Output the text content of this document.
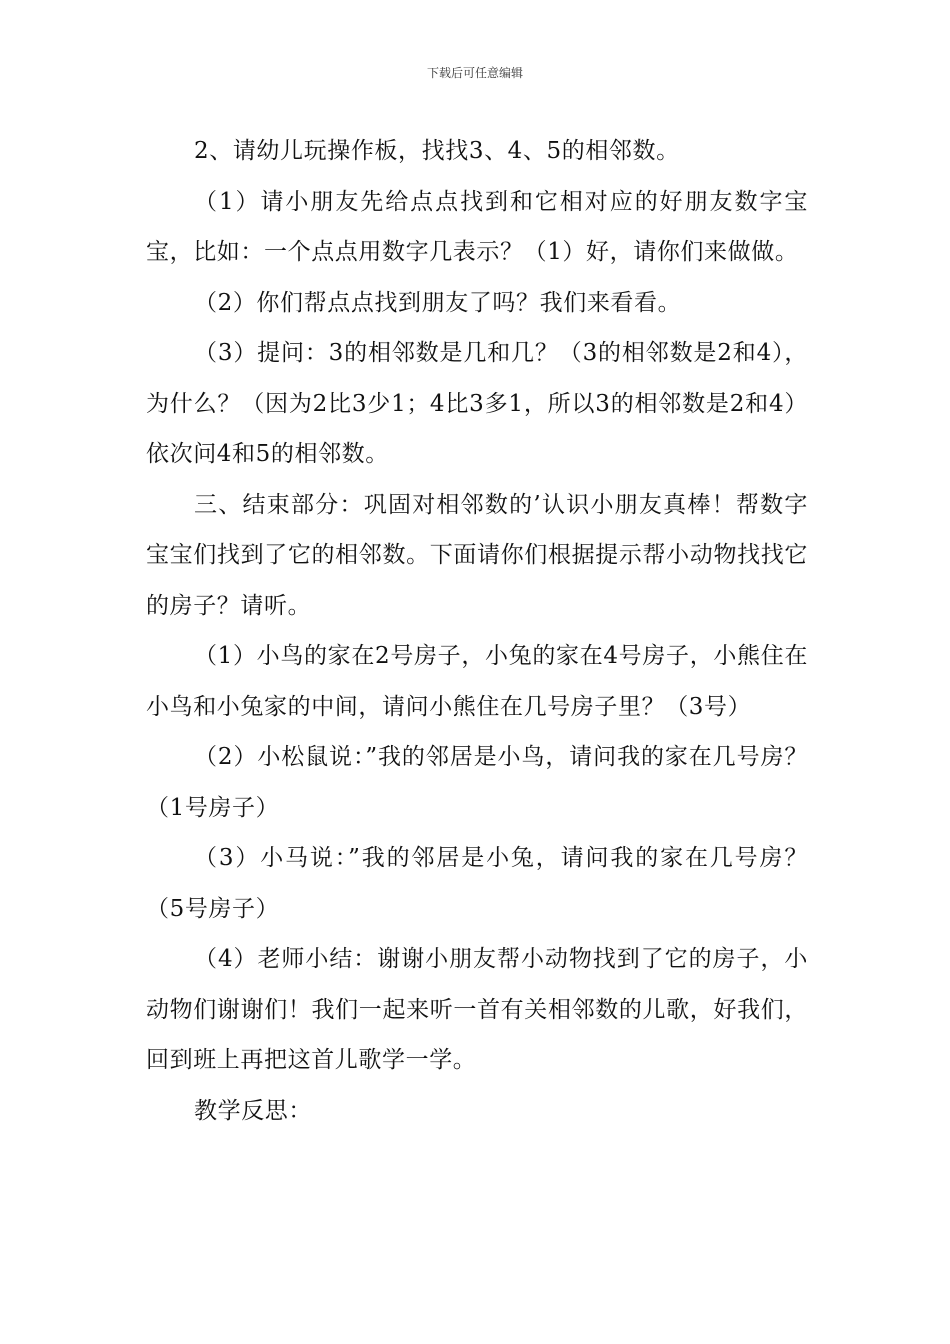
下载后可任意编辑

2、请幼儿玩操作板，找找3、4、5的相邻数。

（1）请小朋友先给点点找到和它相对应的好朋友数字宝宝，比如：一个点点用数字几表示？（1）好，请你们来做做。

（2）你们帮点点找到朋友了吗？我们来看看。

（3）提问：3的相邻数是几和几？（3的相邻数是2和4），为什么？（因为2比3少1；4比3多1，所以3的相邻数是2和4）依次问4和5的相邻数。

三、结束部分：巩固对相邻数的’认识小朋友真棒！帮数字宝宝们找到了它的相邻数。下面请你们根据提示帮小动物找找它的房子？请听。

（1）小鸟的家在2号房子，小兔的家在4号房子，小熊住在小鸟和小兔家的中间，请问小熊住在几号房子里？（3号）

（2）小松鼠说：”我的邻居是小鸟，请问我的家在几号房？（1号房子）

（3）小马说：”我的邻居是小兔，请问我的家在几号房？（5号房子）

（4）老师小结：谢谢小朋友帮小动物找到了它的房子，小动物们谢谢们！我们一起来听一首有关相邻数的儿歌，好我们，回到班上再把这首儿歌学一学。

教学反思：
